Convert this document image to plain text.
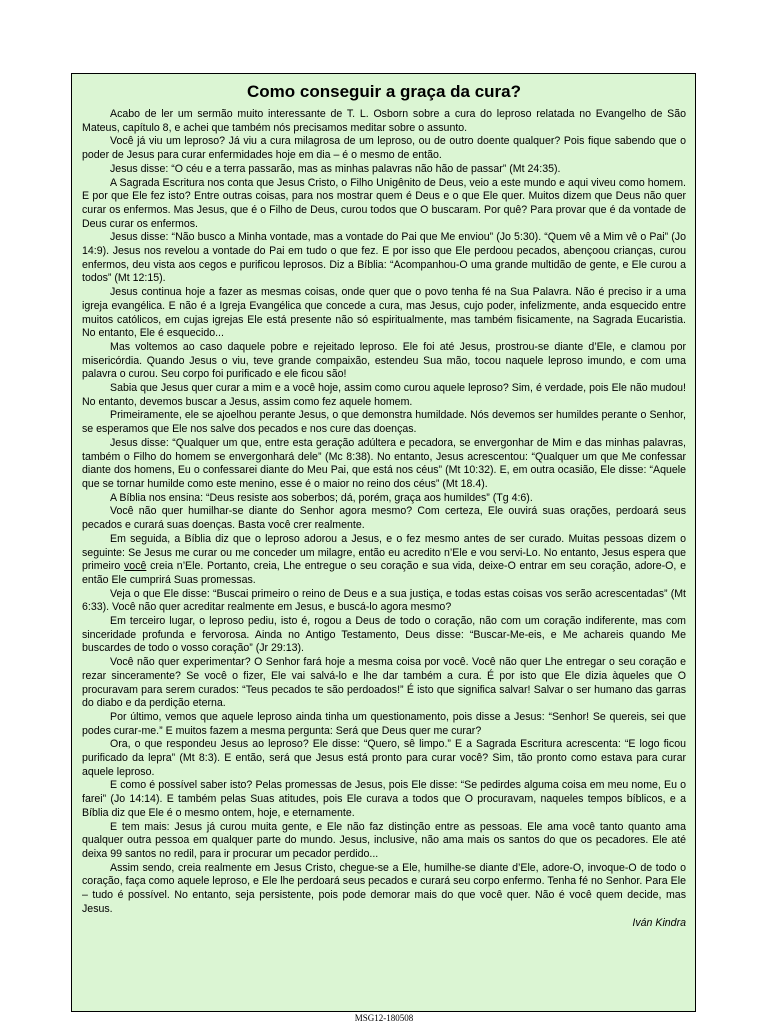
Como conseguir a graça da cura?

Acabo de ler um sermão muito interessante de T. L. Osborn sobre a cura do leproso relatada no Evangelho de São Mateus, capítulo 8, e achei que também nós precisamos meditar sobre o assunto.

Você já viu um leproso? Já viu a cura milagrosa de um leproso, ou de outro doente qualquer? Pois fique sabendo que o poder de Jesus para curar enfermidades hoje em dia – é o mesmo de então.

Jesus disse: “O céu e a terra passarão, mas as minhas palavras não hão de passar” (Mt 24:35).

A Sagrada Escritura nos conta que Jesus Cristo, o Filho Unigênito de Deus, veio a este mundo e aqui viveu como homem. E por que Ele fez isto? Entre outras coisas, para nos mostrar quem é Deus e o que Ele quer. Muitos dizem que Deus não quer curar os enfermos. Mas Jesus, que é o Filho de Deus, curou todos que O buscaram. Por quê? Para provar que é da vontade de Deus curar os enfermos.

Jesus disse: “Não busco a Minha vontade, mas a vontade do Pai que Me enviou” (Jo 5:30). “Quem vê a Mim vê o Pai” (Jo 14:9). Jesus nos revelou a vontade do Pai em tudo o que fez. E por isso que Ele perdoou pecados, abençoou crianças, curou enfermos, deu vista aos cegos e purificou leprosos. Diz a Bíblia: “Acompanhou-O uma grande multidão de gente, e Ele curou a todos” (Mt 12:15).

Jesus continua hoje a fazer as mesmas coisas, onde quer que o povo tenha fé na Sua Palavra. Não é preciso ir a uma igreja evangélica. E não é a Igreja Evangélica que concede a cura, mas Jesus, cujo poder, infelizmente, anda esquecido entre muitos católicos, em cujas igrejas Ele está presente não só espiritualmente, mas também fisicamente, na Sagrada Eucaristia. No entanto, Ele é esquecido...

Mas voltemos ao caso daquele pobre e rejeitado leproso. Ele foi até Jesus, prostrou-se diante d’Ele, e clamou por misericórdia. Quando Jesus o viu, teve grande compaixão, estendeu Sua mão, tocou naquele leproso imundo, e com uma palavra o curou. Seu corpo foi purificado e ele ficou são!

Sabia que Jesus quer curar a mim e a você hoje, assim como curou aquele leproso? Sim, é verdade, pois Ele não mudou! No entanto, devemos buscar a Jesus, assim como fez aquele homem.

Primeiramente, ele se ajoelhou perante Jesus, o que demonstra humildade. Nós devemos ser humildes perante o Senhor, se esperamos que Ele nos salve dos pecados e nos cure das doenças.

Jesus disse: “Qualquer um que, entre esta geração adúltera e pecadora, se envergonhar de Mim e das minhas palavras, também o Filho do homem se envergonhará dele” (Mc 8:38). No entanto, Jesus acrescentou: “Qualquer um que Me confessar diante dos homens, Eu o confessarei diante do Meu Pai, que está nos céus” (Mt 10:32). E, em outra ocasião, Ele disse: “Aquele que se tornar humilde como este menino, esse é o maior no reino dos céus” (Mt 18.4).

A Bíblia nos ensina: “Deus resiste aos soberbos; dá, porém, graça aos humildes” (Tg 4:6).

Você não quer humilhar-se diante do Senhor agora mesmo? Com certeza, Ele ouvirá suas orações, perdoará seus pecados e curará suas doenças. Basta você crer realmente.

Em seguida, a Bíblia diz que o leproso adorou a Jesus, e o fez mesmo antes de ser curado. Muitas pessoas dizem o seguinte: Se Jesus me curar ou me conceder um milagre, então eu acredito n’Ele e vou servi-Lo. No entanto, Jesus espera que primeiro você creia n’Ele. Portanto, creia, Lhe entregue o seu coração e sua vida, deixe-O entrar em seu coração, adore-O, e então Ele cumprirá Suas promessas.

Veja o que Ele disse: “Buscai primeiro o reino de Deus e a sua justiça, e todas estas coisas vos serão acrescentadas” (Mt 6:33). Você não quer acreditar realmente em Jesus, e buscá-lo agora mesmo?

Em terceiro lugar, o leproso pediu, isto é, rogou a Deus de todo o coração, não com um coração indiferente, mas com sinceridade profunda e fervorosa. Ainda no Antigo Testamento, Deus disse: “Buscar-Me-eis, e Me achareis quando Me buscardes de todo o vosso coração” (Jr 29:13).

Você não quer experimentar? O Senhor fará hoje a mesma coisa por você. Você não quer Lhe entregar o seu coração e rezar sinceramente? Se você o fizer, Ele vai salvá-lo e lhe dar também a cura. É por isto que Ele dizia àqueles que O procuravam para serem curados: “Teus pecados te são perdoados!” É isto que significa salvar! Salvar o ser humano das garras do diabo e da perdição eterna.

Por último, vemos que aquele leproso ainda tinha um questionamento, pois disse a Jesus: “Senhor! Se quereis, sei que podes curar-me.” E muitos fazem a mesma pergunta: Será que Deus quer me curar?

Ora, o que respondeu Jesus ao leproso? Ele disse: “Quero, sê limpo.” E a Sagrada Escritura acrescenta: “E logo ficou purificado da lepra” (Mt 8:3). E então, será que Jesus está pronto para curar você? Sim, tão pronto como estava para curar aquele leproso.

E como é possível saber isto? Pelas promessas de Jesus, pois Ele disse: “Se pedirdes alguma coisa em meu nome, Eu o farei” (Jo 14:14). E também pelas Suas atitudes, pois Ele curava a todos que O procuravam, naqueles tempos bíblicos, e a Bíblia diz que Ele é o mesmo ontem, hoje, e eternamente.

E tem mais: Jesus já curou muita gente, e Ele não faz distinção entre as pessoas. Ele ama você tanto quanto ama qualquer outra pessoa em qualquer parte do mundo. Jesus, inclusive, não ama mais os santos do que os pecadores. Ele até deixa 99 santos no redil, para ir procurar um pecador perdido...

Assim sendo, creia realmente em Jesus Cristo, chegue-se a Ele, humilhe-se diante d’Ele, adore-O, invoque-O de todo o coração, faça como aquele leproso, e Ele lhe perdoará seus pecados e curará seu corpo enfermo. Tenha fé no Senhor. Para Ele – tudo é possível. No entanto, seja persistente, pois pode demorar mais do que você quer. Não é você quem decide, mas Jesus.

Iván Kindra
MSG12-180508
